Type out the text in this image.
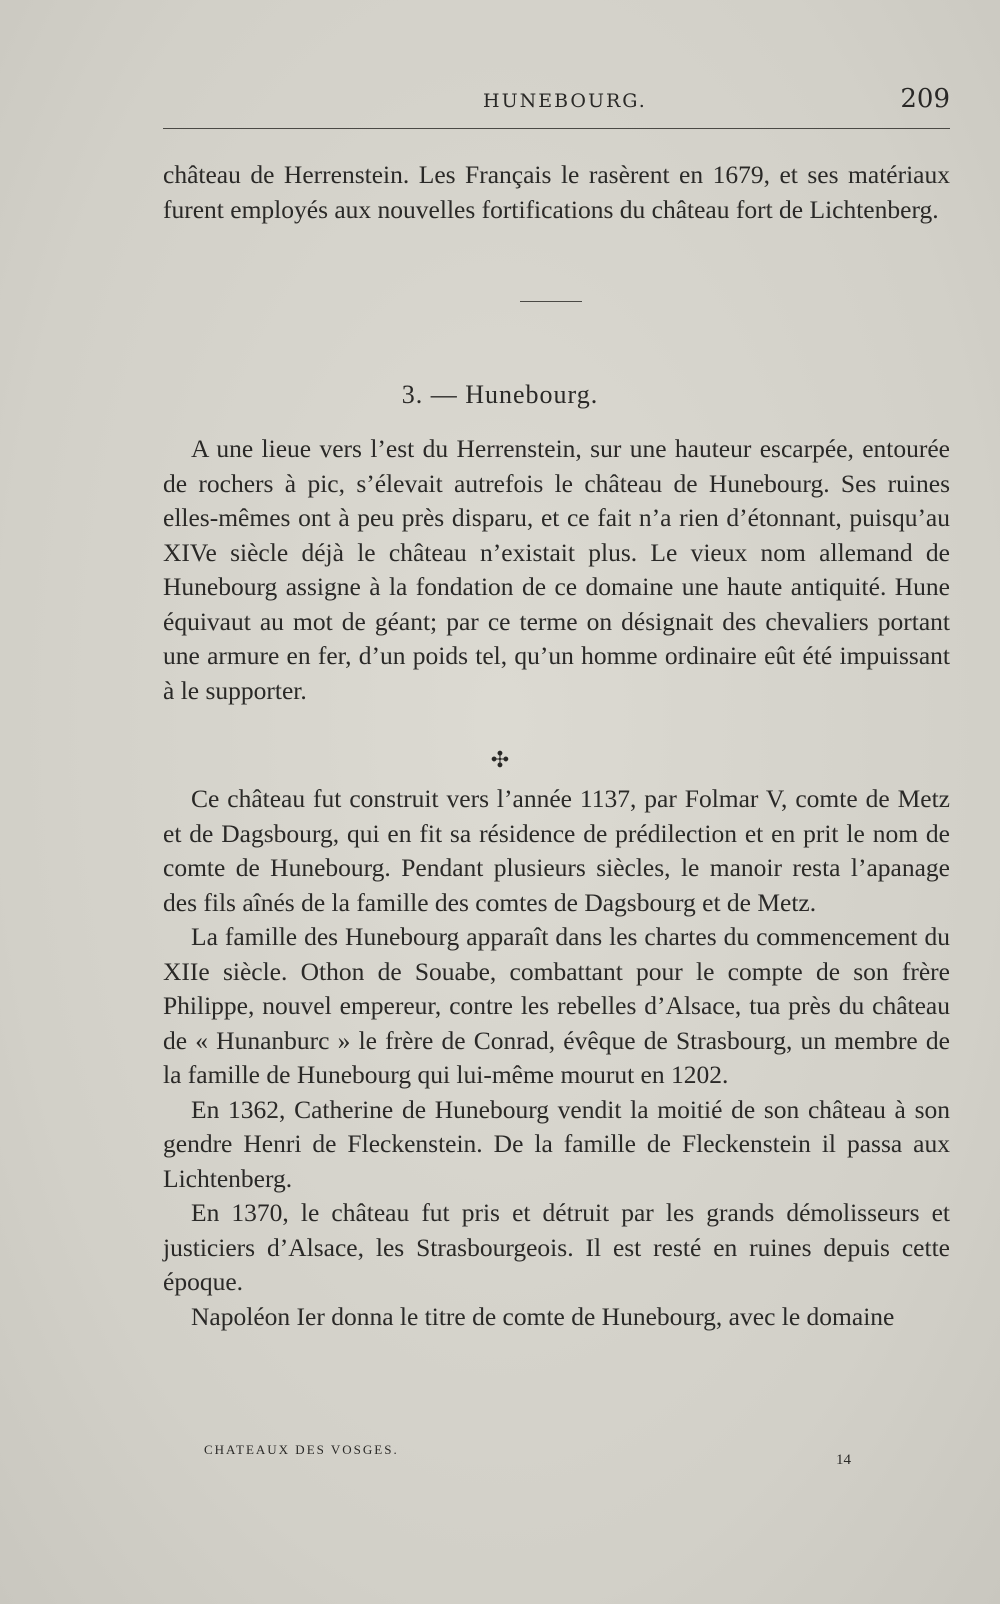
HUNEBOURG.	209

château de Herrenstein. Les Français le rasèrent en 1679, et ses matériaux furent employés aux nouvelles fortifications du château fort de Lichtenberg.

3. — Hunebourg.

A une lieue vers l’est du Herrenstein, sur une hauteur escarpée, entourée de rochers à pic, s’élevait autrefois le château de Hunebourg. Ses ruines elles-mêmes ont à peu près disparu, et ce fait n’a rien d’étonnant, puisqu’au XIVe siècle déjà le château n’existait plus. Le vieux nom allemand de Hunebourg assigne à la fondation de ce domaine une haute antiquité. Hune équivaut au mot de géant; par ce terme on désignait des chevaliers portant une armure en fer, d’un poids tel, qu’un homme ordinaire eût été impuissant à le supporter.

✣

Ce château fut construit vers l’année 1137, par Folmar V, comte de Metz et de Dagsbourg, qui en fit sa résidence de prédilection et en prit le nom de comte de Hunebourg. Pendant plusieurs siècles, le manoir resta l’apanage des fils aînés de la famille des comtes de Dagsbourg et de Metz.

La famille des Hunebourg apparaît dans les chartes du commencement du XIIe siècle. Othon de Souabe, combattant pour le compte de son frère Philippe, nouvel empereur, contre les rebelles d’Alsace, tua près du château de « Hunanburc » le frère de Conrad, évêque de Strasbourg, un membre de la famille de Hunebourg qui lui-même mourut en 1202.

En 1362, Catherine de Hunebourg vendit la moitié de son château à son gendre Henri de Fleckenstein. De la famille de Fleckenstein il passa aux Lichtenberg.

En 1370, le château fut pris et détruit par les grands démolisseurs et justiciers d’Alsace, les Strasbourgeois. Il est resté en ruines depuis cette époque.

Napoléon Ier donna le titre de comte de Hunebourg, avec le domaine

CHATEAUX DES VOSGES.
14
